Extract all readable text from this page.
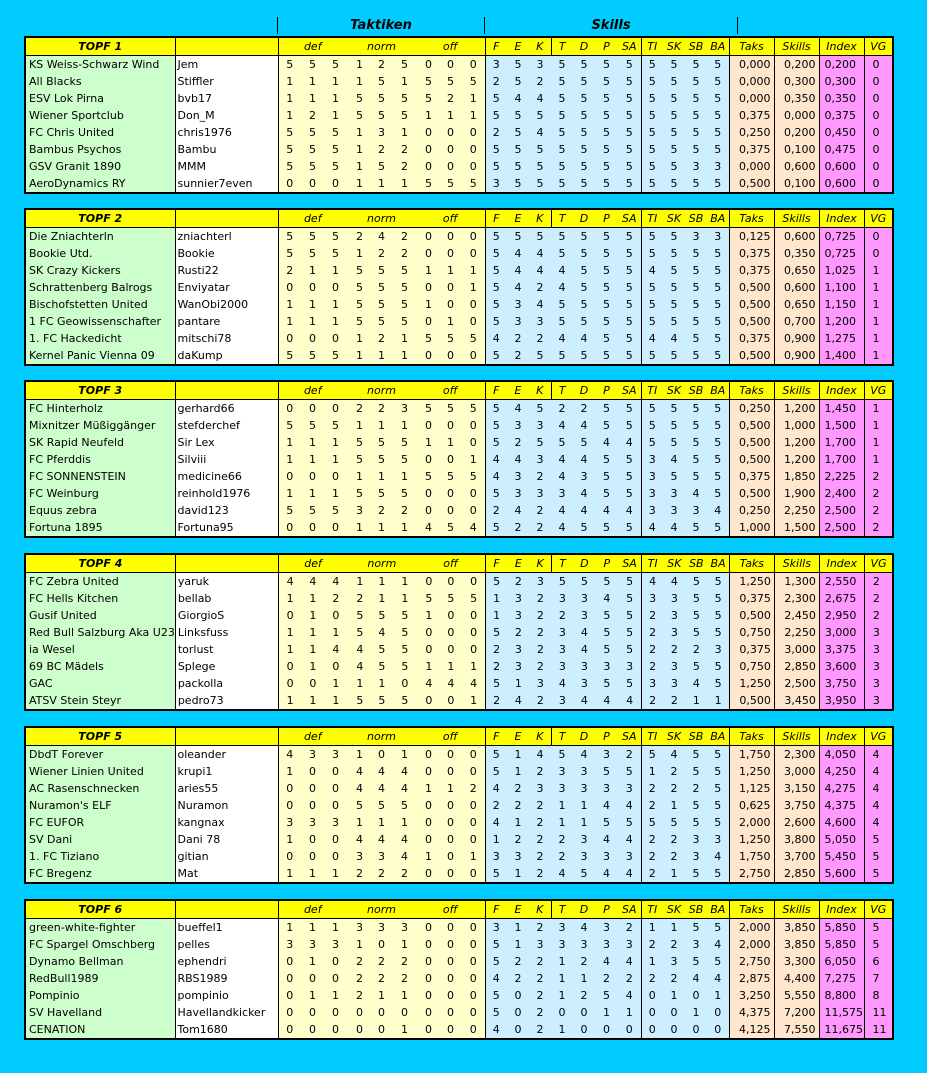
Taktiken	Skills
TOPF 1		def			norm			off			F	E	K	T	D	P	SA	TI	SK	SB	BA	Taks	Skills	Index	VG
KS Weiss-Schwarz Wind	Jem	5	5	5	1	2	5	0	0	0	3	5	3	5	5	5	5	5	5	5	5	0,000	0,200	0,200	0
All Blacks	Stiffler	1	1	1	1	5	1	5	5	5	2	5	2	5	5	5	5	5	5	5	5	0,000	0,300	0,300	0
ESV Lok Pirna	bvb17	1	1	1	5	5	5	5	2	1	5	4	4	5	5	5	5	5	5	5	5	0,000	0,350	0,350	0
Wiener Sportclub	Don_M	1	2	1	5	5	5	1	1	1	5	5	5	5	5	5	5	5	5	5	5	0,375	0,000	0,375	0
FC Chris United	chris1976	5	5	5	1	3	1	0	0	0	2	5	4	5	5	5	5	5	5	5	5	0,250	0,200	0,450	0
Bambus Psychos	Bambu	5	5	5	1	2	2	0	0	0	5	5	5	5	5	5	5	5	5	5	5	0,375	0,100	0,475	0
GSV Granit 1890	MMM	5	5	5	1	5	2	0	0	0	5	5	5	5	5	5	5	5	5	3	3	0,000	0,600	0,600	0
AeroDynamics RY	sunnier7even	0	0	0	1	1	1	5	5	5	3	5	5	5	5	5	5	5	5	5	5	0,500	0,100	0,600	0
TOPF 2		def			norm			off			F	E	K	T	D	P	SA	TI	SK	SB	BA	Taks	Skills	Index	VG
Die Zniachterln	zniachterl	5	5	5	2	4	2	0	0	0	5	5	5	5	5	5	5	5	5	3	3	0,125	0,600	0,725	0
Bookie Utd.	Bookie	5	5	5	1	2	2	0	0	0	5	4	4	5	5	5	5	5	5	5	5	0,375	0,350	0,725	0
SK Crazy Kickers	Rusti22	2	1	1	5	5	5	1	1	1	5	4	4	4	5	5	5	4	5	5	5	0,375	0,650	1,025	1
Schrattenberg Balrogs	Enviyatar	0	0	0	5	5	5	0	0	1	5	4	2	4	5	5	5	5	5	5	5	0,500	0,600	1,100	1
Bischofstetten United	WanObi2000	1	1	1	5	5	5	1	0	0	5	3	4	5	5	5	5	5	5	5	5	0,500	0,650	1,150	1
1 FC Geowissenschafter	pantare	1	1	1	5	5	5	0	1	0	5	3	3	5	5	5	5	5	5	5	5	0,500	0,700	1,200	1
1. FC Hackedicht	mitschi78	0	0	0	1	2	1	5	5	5	4	2	2	4	4	5	5	4	4	5	5	0,375	0,900	1,275	1
Kernel Panic Vienna 09	daKump	5	5	5	1	1	1	0	0	0	5	2	5	5	5	5	5	5	5	5	5	0,500	0,900	1,400	1
TOPF 3		def			norm			off			F	E	K	T	D	P	SA	TI	SK	SB	BA	Taks	Skills	Index	VG
FC Hinterholz	gerhard66	0	0	0	2	2	3	5	5	5	5	4	5	2	2	5	5	5	5	5	5	0,250	1,200	1,450	1
Mixnitzer Müßiggänger	stefderchef	5	5	5	1	1	1	0	0	0	5	3	3	4	4	5	5	5	5	5	5	0,500	1,000	1,500	1
SK Rapid Neufeld	Sir Lex	1	1	1	5	5	5	1	1	0	5	2	5	5	5	4	4	5	5	5	5	0,500	1,200	1,700	1
FC Pferddis	Silviii	1	1	1	5	5	5	0	0	1	4	4	3	4	4	5	5	3	4	5	5	0,500	1,200	1,700	1
FC SONNENSTEIN	medicine66	0	0	0	1	1	1	5	5	5	4	3	2	4	3	5	5	3	5	5	5	0,375	1,850	2,225	2
FC Weinburg	reinhold1976	1	1	1	5	5	5	0	0	0	5	3	3	3	4	5	5	3	3	4	5	0,500	1,900	2,400	2
Equus zebra	david123	5	5	5	3	2	2	0	0	0	2	4	2	4	4	4	4	3	3	3	4	0,250	2,250	2,500	2
Fortuna 1895	Fortuna95	0	0	0	1	1	1	4	5	4	5	2	2	4	5	5	5	4	4	5	5	1,000	1,500	2,500	2
TOPF 4		def			norm			off			F	E	K	T	D	P	SA	TI	SK	SB	BA	Taks	Skills	Index	VG
FC Zebra United	yaruk	4	4	4	1	1	1	0	0	0	5	2	3	5	5	5	5	4	4	5	5	1,250	1,300	2,550	2
FC Hells Kitchen	bellab	1	1	2	2	1	1	5	5	5	1	3	2	3	3	4	5	3	3	5	5	0,375	2,300	2,675	2
Gusif United	GiorgioS	0	1	0	5	5	5	1	0	0	1	3	2	2	3	5	5	2	3	5	5	0,500	2,450	2,950	2
Red Bull Salzburg Aka U23	Linksfuss	1	1	1	5	4	5	0	0	0	5	2	2	3	4	5	5	2	3	5	5	0,750	2,250	3,000	3
ia Wesel	torlust	1	1	4	4	5	5	0	0	0	2	3	2	3	4	5	5	2	2	2	3	0,375	3,000	3,375	3
69 BC Mädels	Splege	0	1	0	4	5	5	1	1	1	2	3	2	3	3	3	3	2	3	5	5	0,750	2,850	3,600	3
GAC	packolla	0	0	1	1	1	0	4	4	4	5	1	3	4	3	5	5	3	3	4	5	1,250	2,500	3,750	3
ATSV Stein Steyr	pedro73	1	1	1	5	5	5	0	0	1	2	4	2	3	4	4	4	2	2	1	1	0,500	3,450	3,950	3
TOPF 5		def			norm			off			F	E	K	T	D	P	SA	TI	SK	SB	BA	Taks	Skills	Index	VG
DbdT Forever	oleander	4	3	3	1	0	1	0	0	0	5	1	4	5	4	3	2	5	4	5	5	1,750	2,300	4,050	4
Wiener Linien United	krupi1	1	0	0	4	4	4	0	0	0	5	1	2	3	3	5	5	1	2	5	5	1,250	3,000	4,250	4
AC Rasenschnecken	aries55	0	0	0	4	4	4	1	1	2	4	2	3	3	3	3	3	2	2	2	5	1,125	3,150	4,275	4
Nuramon's ELF	Nuramon	0	0	0	5	5	5	0	0	0	2	2	2	1	1	4	4	2	1	5	5	0,625	3,750	4,375	4
FC EUFOR	kangnax	3	3	3	1	1	1	0	0	0	4	1	2	1	1	5	5	5	5	5	5	2,000	2,600	4,600	4
SV Dani	Dani 78	1	0	0	4	4	4	0	0	0	1	2	2	2	3	4	4	2	2	3	3	1,250	3,800	5,050	5
1. FC Tiziano	gitian	0	0	0	3	3	4	1	0	1	3	3	2	2	3	3	3	2	2	3	4	1,750	3,700	5,450	5
FC Bregenz	Mat	1	1	1	2	2	2	0	0	0	5	1	2	4	5	4	4	2	1	5	5	2,750	2,850	5,600	5
TOPF 6		def			norm			off			F	E	K	T	D	P	SA	TI	SK	SB	BA	Taks	Skills	Index	VG
green-white-fighter	bueffel1	1	1	1	3	3	3	0	0	0	3	1	2	3	4	3	2	1	1	5	5	2,000	3,850	5,850	5
FC Spargel Omschberg	pelles	3	3	3	1	0	1	0	0	0	5	1	3	3	3	3	3	2	2	3	4	2,000	3,850	5,850	5
Dynamo Bellman	ephendri	0	1	0	2	2	2	0	0	0	5	2	2	1	2	4	4	1	3	5	5	2,750	3,300	6,050	6
RedBull1989	RBS1989	0	0	0	2	2	2	0	0	0	4	2	2	1	1	2	2	2	2	4	4	2,875	4,400	7,275	7
Pompinio	pompinio	0	1	1	2	1	1	0	0	0	5	0	2	1	2	5	4	0	1	0	1	3,250	5,550	8,800	8
SV Havelland	Havellandkicker	0	0	0	0	0	0	0	0	0	5	0	2	0	0	1	1	0	0	1	0	4,375	7,200	11,575	11
CENATION	Tom1680	0	0	0	0	0	1	0	0	0	4	0	2	1	0	0	0	0	0	0	0	4,125	7,550	11,675	11
